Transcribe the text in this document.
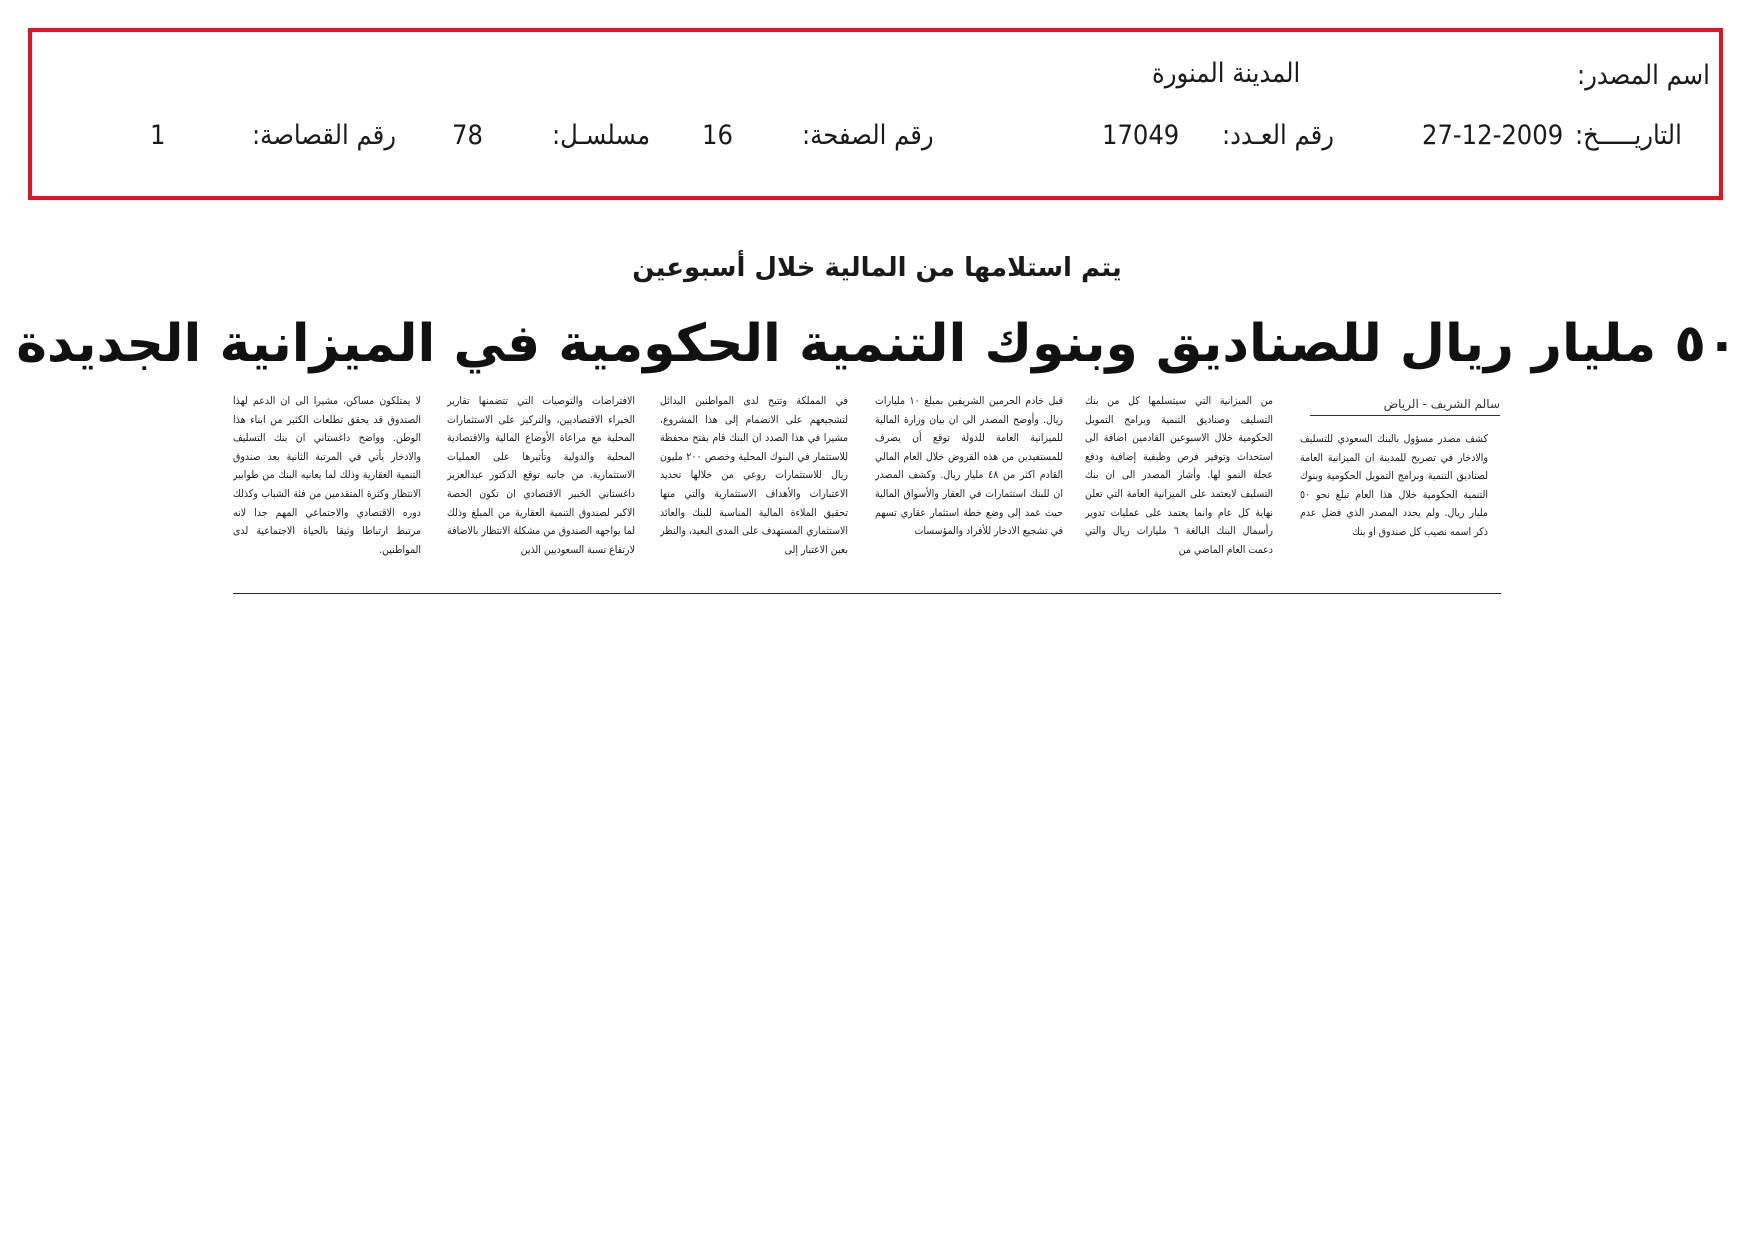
اسم المصدر:
المدينة المنورة
التاريـــــخ:
27-12-2009
رقم العـدد:
17049
رقم الصفحة:
16
مسلسـل:
78
رقم القصاصة:
1
يتم استلامها من المالية خلال أسبوعين
٥٠ مليار ريال للصناديق وبنوك التنمية الحكومية في الميزانية الجديدة
سالم الشريف - الرياض
كشف مصدر مسؤول بالبنك السعودي للتسليف والادخار في تصريح للمدينة ان الميزانية العامة لصناديق التنمية وبرامج التمويل الحكومية وبنوك التنمية الحكومية خلال هذا العام تبلغ نحو ٥٠ مليار ريال. ولم يحدد المصدر الذي فضل عدم ذكر اسمه نصيب كل صندوق او بنك
من الميزانية التي سيتسلمها كل من بنك التسليف وصناديق التنمية وبرامج التمويل الحكومية خلال الاسبوعين القادمين اضافة الى استحداث وتوفير فرص وظيفية إضافية ودفع عجلة النمو لها. وأشار المصدر الى ان بنك التسليف لايعتمد على الميزانية العامة التي تعلن نهاية كل عام وانما يعتمد على عمليات تدوير رأسمال البنك البالغة ٦ مليارات ريال والتي دعمت العام الماضي من
قبل خادم الحرمين الشريفين بمبلغ ١٠ مليارات ريال. وأوضح المصدر الى ان بيان وزارة المالية للميزانية العامة للدولة توقع أن يصرف للمستفيدين من هذه القروض خلال العام المالي القادم اكثر من ٤٨ مليار ريال. وكشف المصدر ان للبنك استثمارات في العقار والأسواق المالية حيث عمد إلى وضع خطة استثمار عقاري تسهم في تشجيع الادخار للأفراد والمؤسسات
في المملكة وتتيح لدى المواطنين البدائل لتشجيعهم على الانضمام إلى هذا المشروع، مشيرا في هذا الصدد ان البنك قام بفتح محفظة للاستثمار في البنوك المحلية وخصص ٢٠٠ مليون ريال للاستثمارات روعي من خلالها تحديد الاعتبارات والأهداف الاستثمارية والتي منها تحقيق الملاءة المالية المناسبة للبنك والعائد الاستثماري المستهدف على المدى البعيد، والنظر بعين الاعتبار إلى
الافتراضات والتوصيات التي تتضمنها تقارير الخبراء الاقتصاديين، والتركيز على الاستثمارات المحلية مع مراعاة الأوضاع المالية والاقتصادية المحلية والدولية وتأثيرها على العمليات الاستثمارية. من جانبه توقع الدكتور عبدالعزيز داغستاني الخبير الاقتصادي ان تكون الحصة الاكبر لصندوق التنمية العقارية من المبلغ وذلك لما يواجهه الصندوق من مشكلة الانتظار بالاضافة لارتفاع نسبة السعوديين الذين
لا يمتلكون مساكن، مشيرا الى ان الدعم لهذا الصندوق قد يحقق تطلعات الكثير من ابناء هذا الوطن. وواضح داغستاني ان بنك التسليف والادخار يأتي في المرتبة الثانية بعد صندوق التنمية العقارية وذلك لما يعانيه البنك من طوابير الانتظار وكثرة المتقدمين من فئة الشباب وكذلك دوره الاقتصادي والاجتماعي المهم جدا لانه مرتبط ارتباطا وثيقا بالحياة الاجتماعية لدى المواطنين.
